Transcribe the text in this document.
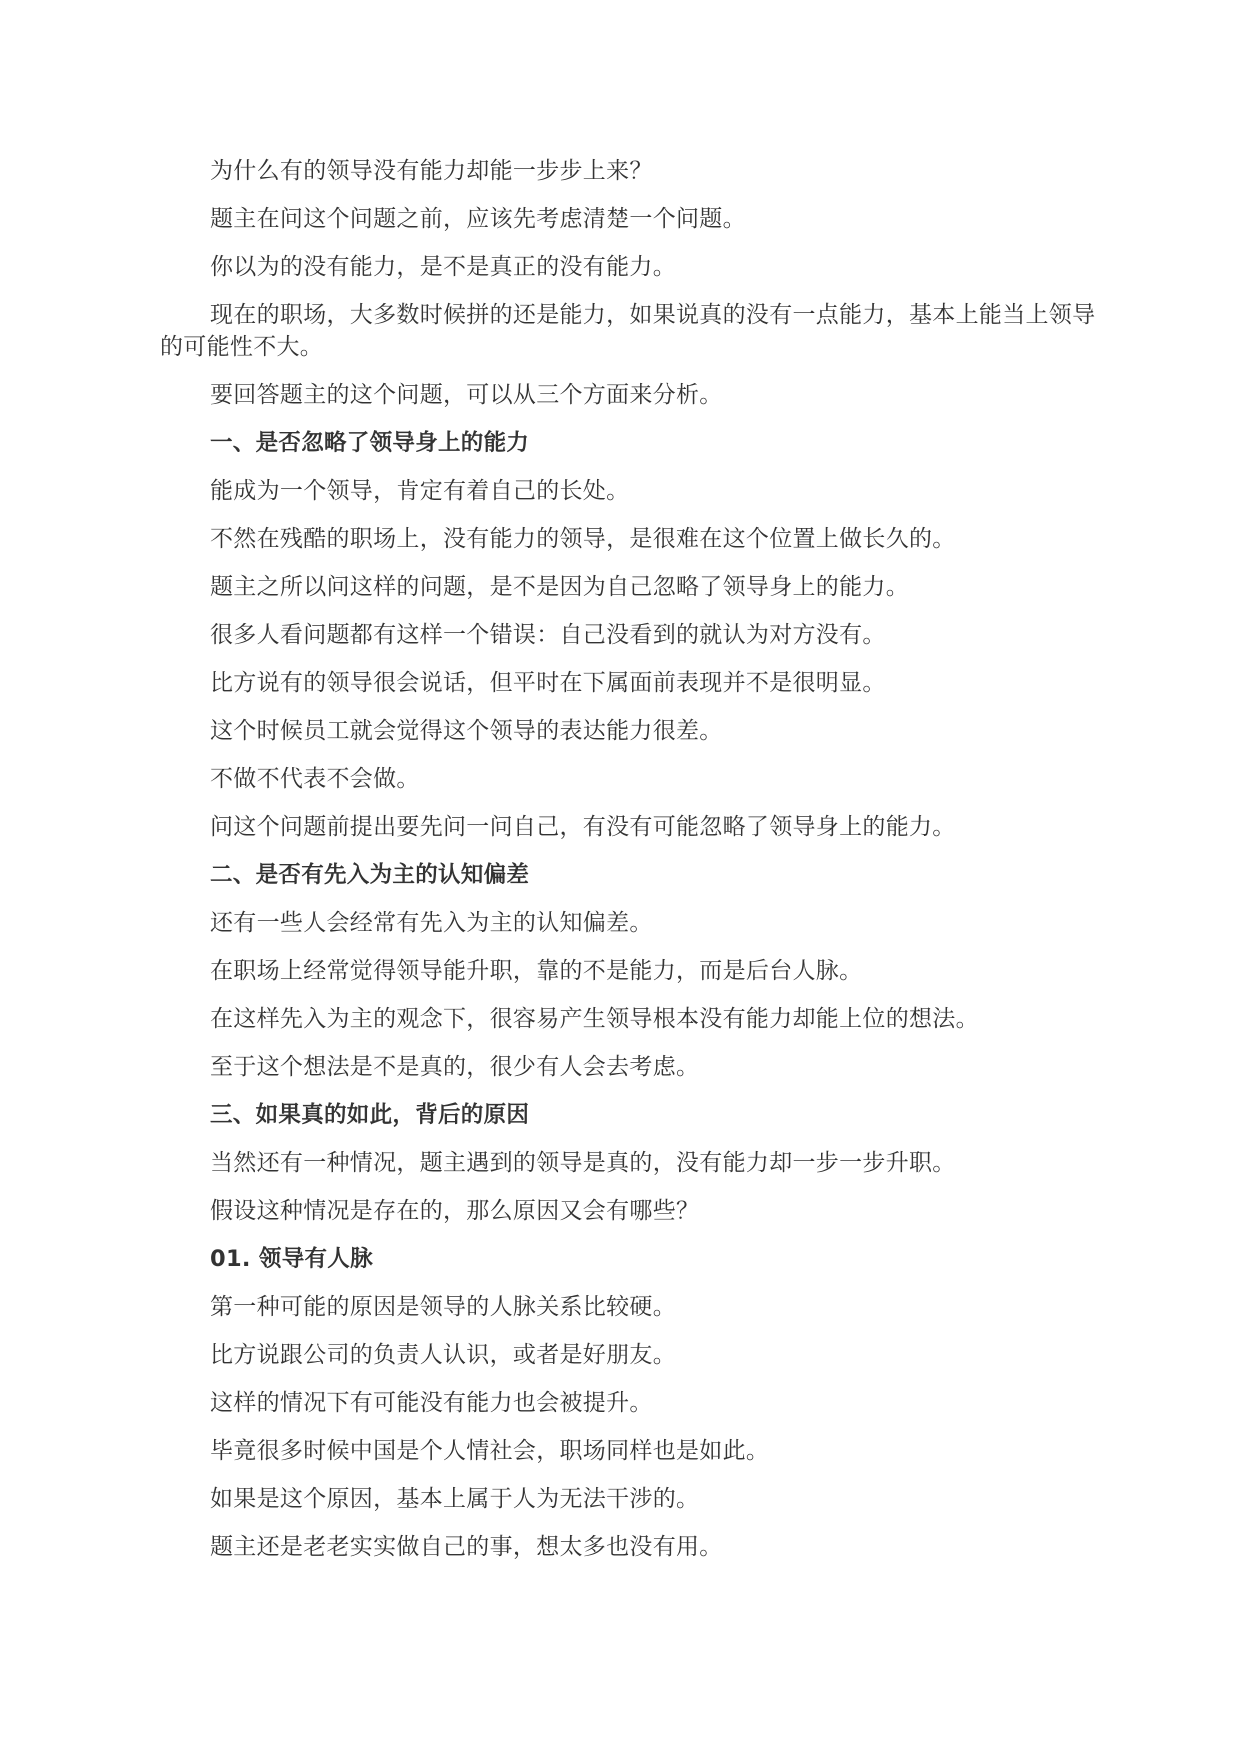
为什么有的领导没有能力却能一步步上来？

题主在问这个问题之前，应该先考虑清楚一个问题。

你以为的没有能力，是不是真正的没有能力。

现在的职场，大多数时候拼的还是能力，如果说真的没有一点能力，基本上能当上领导的可能性不大。

要回答题主的这个问题，可以从三个方面来分析。

一、是否忽略了领导身上的能力

能成为一个领导，肯定有着自己的长处。

不然在残酷的职场上，没有能力的领导，是很难在这个位置上做长久的。

题主之所以问这样的问题，是不是因为自己忽略了领导身上的能力。

很多人看问题都有这样一个错误：自己没看到的就认为对方没有。

比方说有的领导很会说话，但平时在下属面前表现并不是很明显。

这个时候员工就会觉得这个领导的表达能力很差。

不做不代表不会做。

问这个问题前提出要先问一问自己，有没有可能忽略了领导身上的能力。

二、是否有先入为主的认知偏差

还有一些人会经常有先入为主的认知偏差。

在职场上经常觉得领导能升职，靠的不是能力，而是后台人脉。

在这样先入为主的观念下，很容易产生领导根本没有能力却能上位的想法。

至于这个想法是不是真的，很少有人会去考虑。

三、如果真的如此，背后的原因

当然还有一种情况，题主遇到的领导是真的，没有能力却一步一步升职。

假设这种情况是存在的，那么原因又会有哪些？

01. 领导有人脉

第一种可能的原因是领导的人脉关系比较硬。

比方说跟公司的负责人认识，或者是好朋友。

这样的情况下有可能没有能力也会被提升。

毕竟很多时候中国是个人情社会，职场同样也是如此。

如果是这个原因，基本上属于人为无法干涉的。

题主还是老老实实做自己的事，想太多也没有用。
